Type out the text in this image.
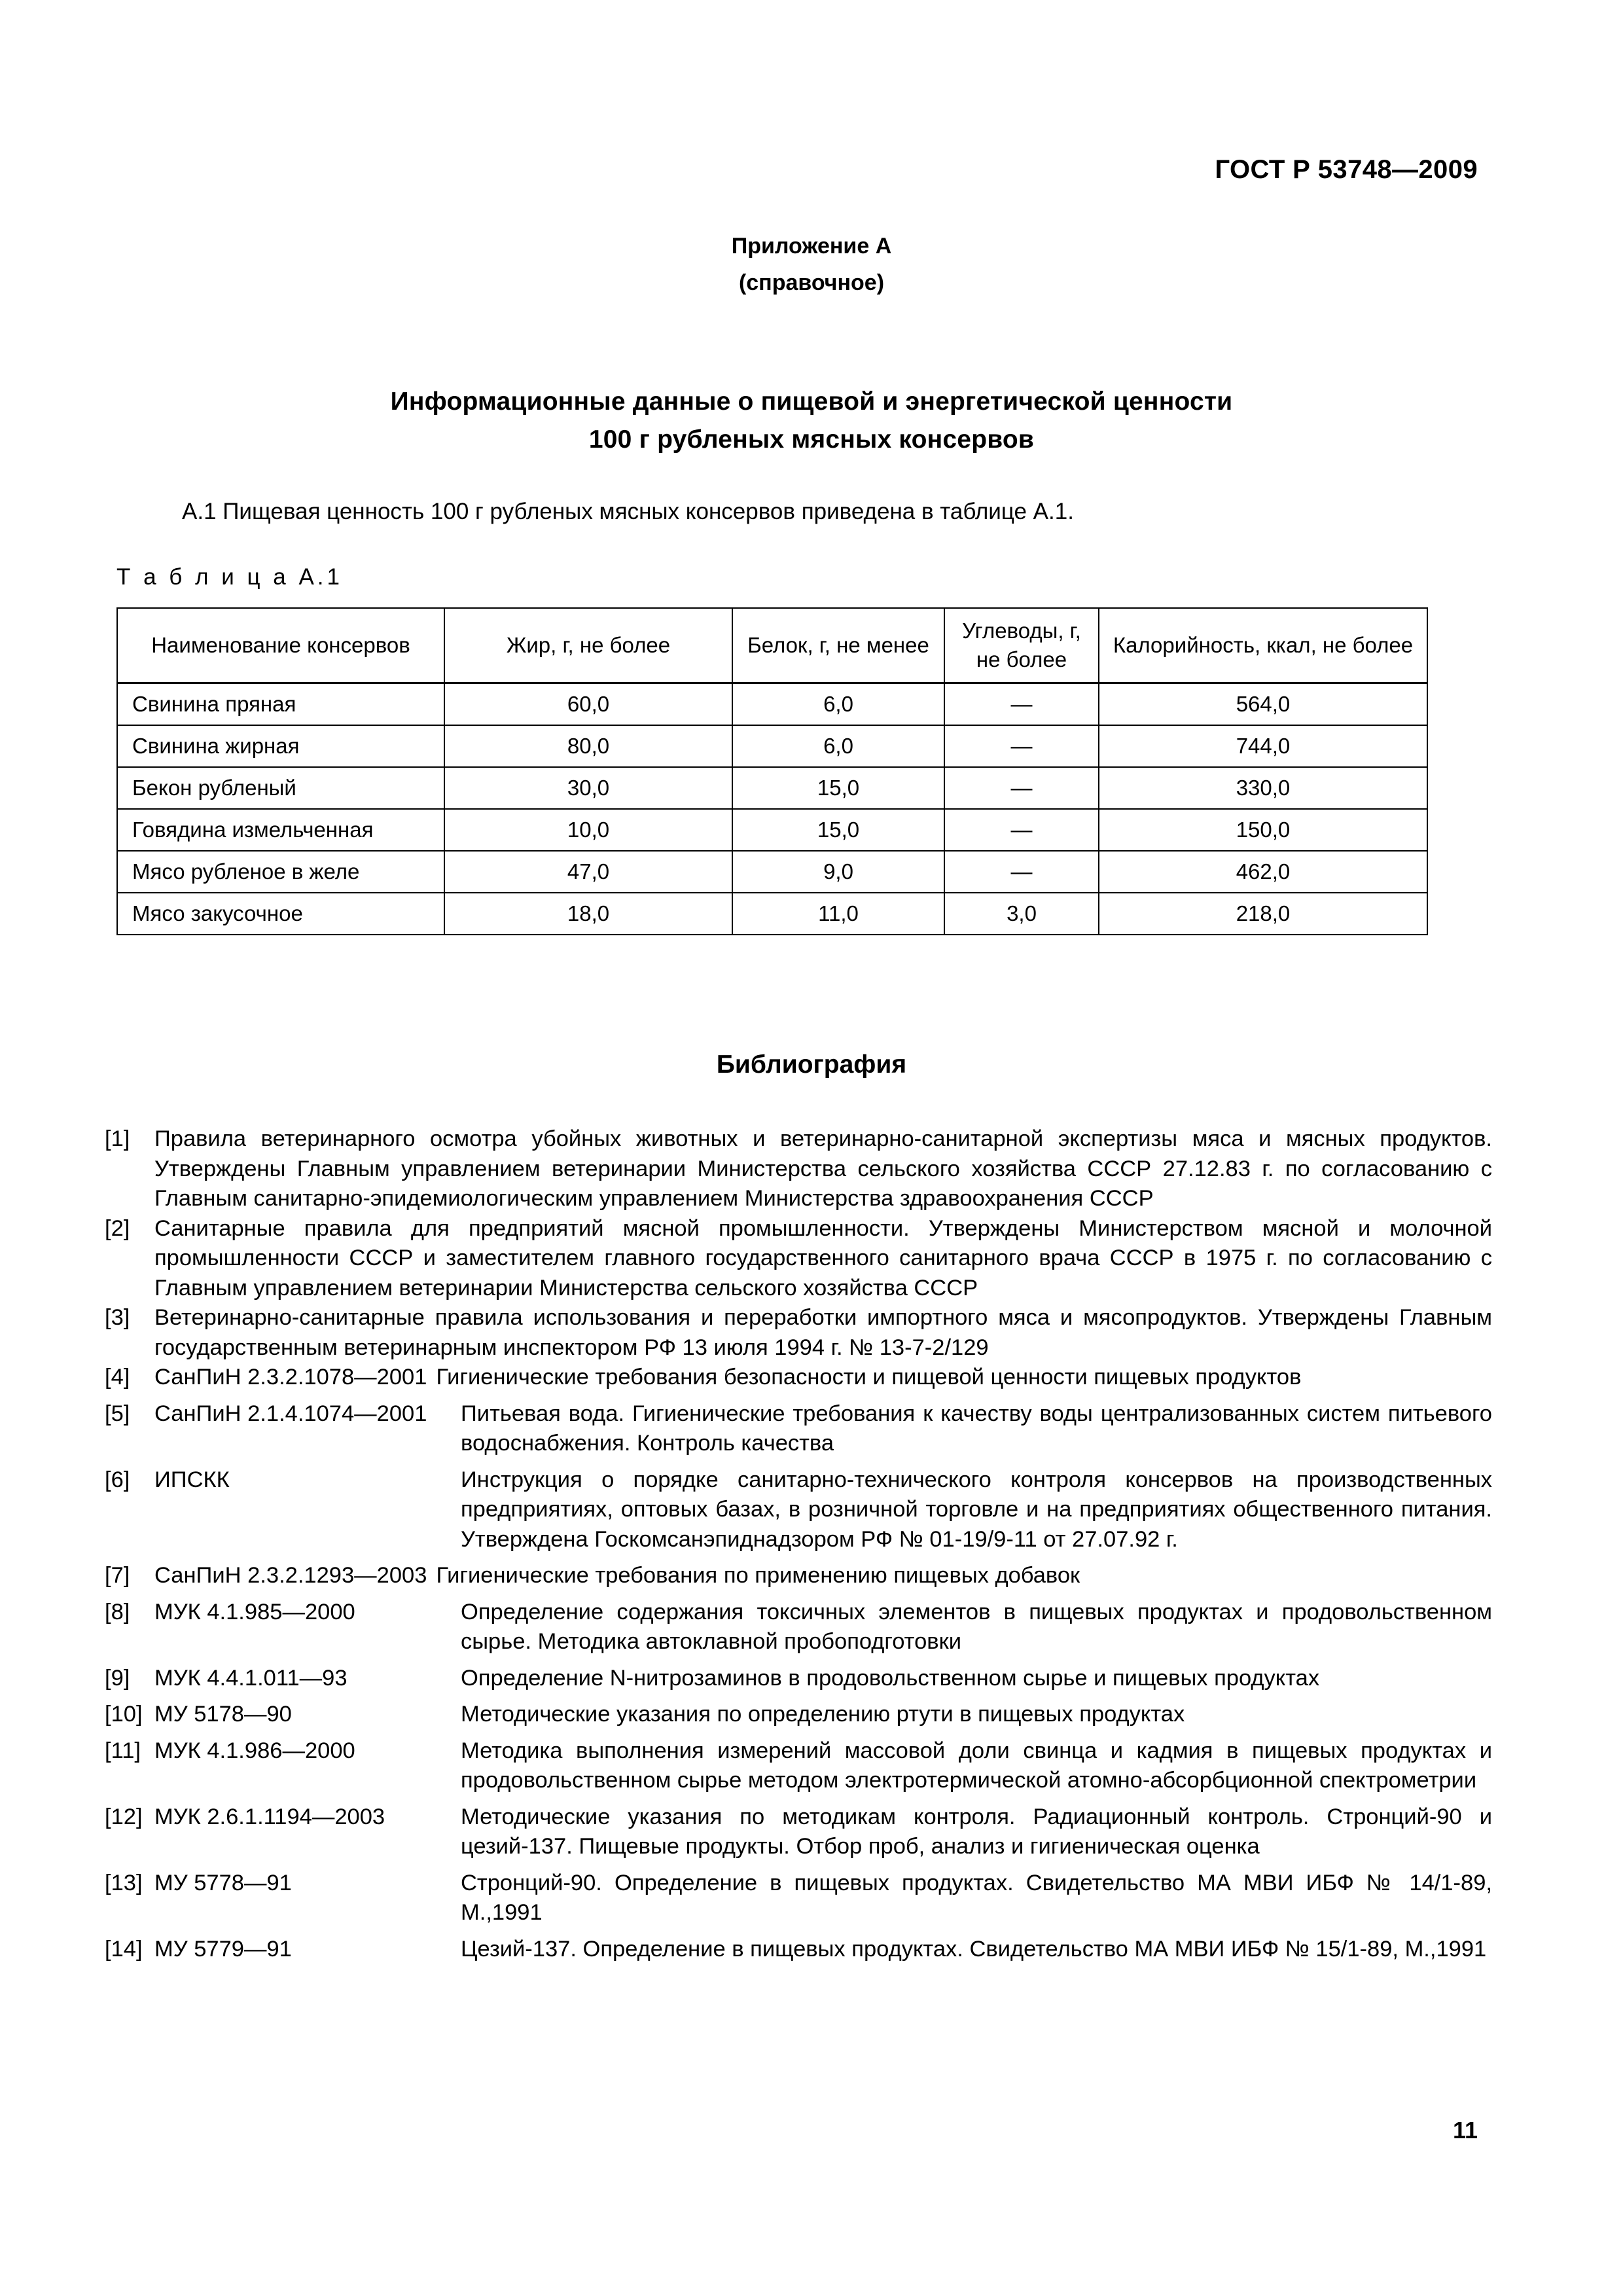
ГОСТ Р 53748—2009
Приложение А
(справочное)
Информационные данные о пищевой и энергетической ценности
100 г рубленых мясных консервов
А.1 Пищевая ценность 100 г рубленых мясных консервов приведена в таблице А.1.
Т а б л и ц а А.1
Наименование консервов	Жир, г, не более	Белок, г, не менее	Углеводы, г, не более	Калорийность, ккал, не более
Свинина пряная	60,0	6,0	—	564,0
Свинина жирная	80,0	6,0	—	744,0
Бекон рубленый	30,0	15,0	—	330,0
Говядина измельченная	10,0	15,0	—	150,0
Мясо рубленое в желе	47,0	9,0	—	462,0
Мясо закусочное	18,0	11,0	3,0	218,0
Библиография
[1]	Правила ветеринарного осмотра убойных животных и ветеринарно-санитарной экспертизы мяса и мясных продуктов. Утверждены Главным управлением ветеринарии Министерства сельского хозяйства СССР 27.12.83 г. по согласованию с Главным санитарно-эпидемиологическим управлением Министерства здравоохранения СССР
[2]	Санитарные правила для предприятий мясной промышленности. Утверждены Министерством мясной и молочной промышленности СССР и заместителем главного государственного санитарного врача СССР в 1975 г. по согласованию с Главным управлением ветеринарии Министерства сельского хозяйства СССР
[3]	Ветеринарно-санитарные правила использования и переработки импортного мяса и мясопродуктов. Утверждены Главным государственным ветеринарным инспектором РФ 13 июля 1994 г. № 13-7-2/129
[4]	СанПиН 2.3.2.1078—2001 Гигиенические требования безопасности и пищевой ценности пищевых продуктов
[5]	СанПиН 2.1.4.1074—2001	Питьевая вода. Гигиенические требования к качеству воды централизованных систем питьевого водоснабжения. Контроль качества
[6]	ИПСКК	Инструкция о порядке санитарно-технического контроля консервов на производственных предприятиях, оптовых базах, в розничной торговле и на предприятиях общественного питания. Утверждена Госкомсанэпиднадзором РФ № 01-19/9-11 от 27.07.92 г.
[7]	СанПиН 2.3.2.1293—2003 Гигиенические требования по применению пищевых добавок
[8]	МУК 4.1.985—2000	Определение содержания токсичных элементов в пищевых продуктах и продовольственном сырье. Методика автоклавной пробоподготовки
[9]	МУК 4.4.1.011—93	Определение N-нитрозаминов в продовольственном сырье и пищевых продуктах
[10] МУ 5178—90	Методические указания по определению ртути в пищевых продуктах
[11] МУК 4.1.986—2000	Методика выполнения измерений массовой доли свинца и кадмия в пищевых продуктах и продовольственном сырье методом электротермической атомно-абсорбционной спектрометрии
[12] МУК 2.6.1.1194—2003	Методические указания по методикам контроля. Радиационный контроль. Стронций-90 и цезий-137. Пищевые продукты. Отбор проб, анализ и гигиеническая оценка
[13] МУ 5778—91	Стронций-90. Определение в пищевых продуктах. Свидетельство МА МВИ ИБФ № 14/1-89, М.,1991
[14] МУ 5779—91	Цезий-137. Определение в пищевых продуктах. Свидетельство МА МВИ ИБФ № 15/1-89, М.,1991
11
